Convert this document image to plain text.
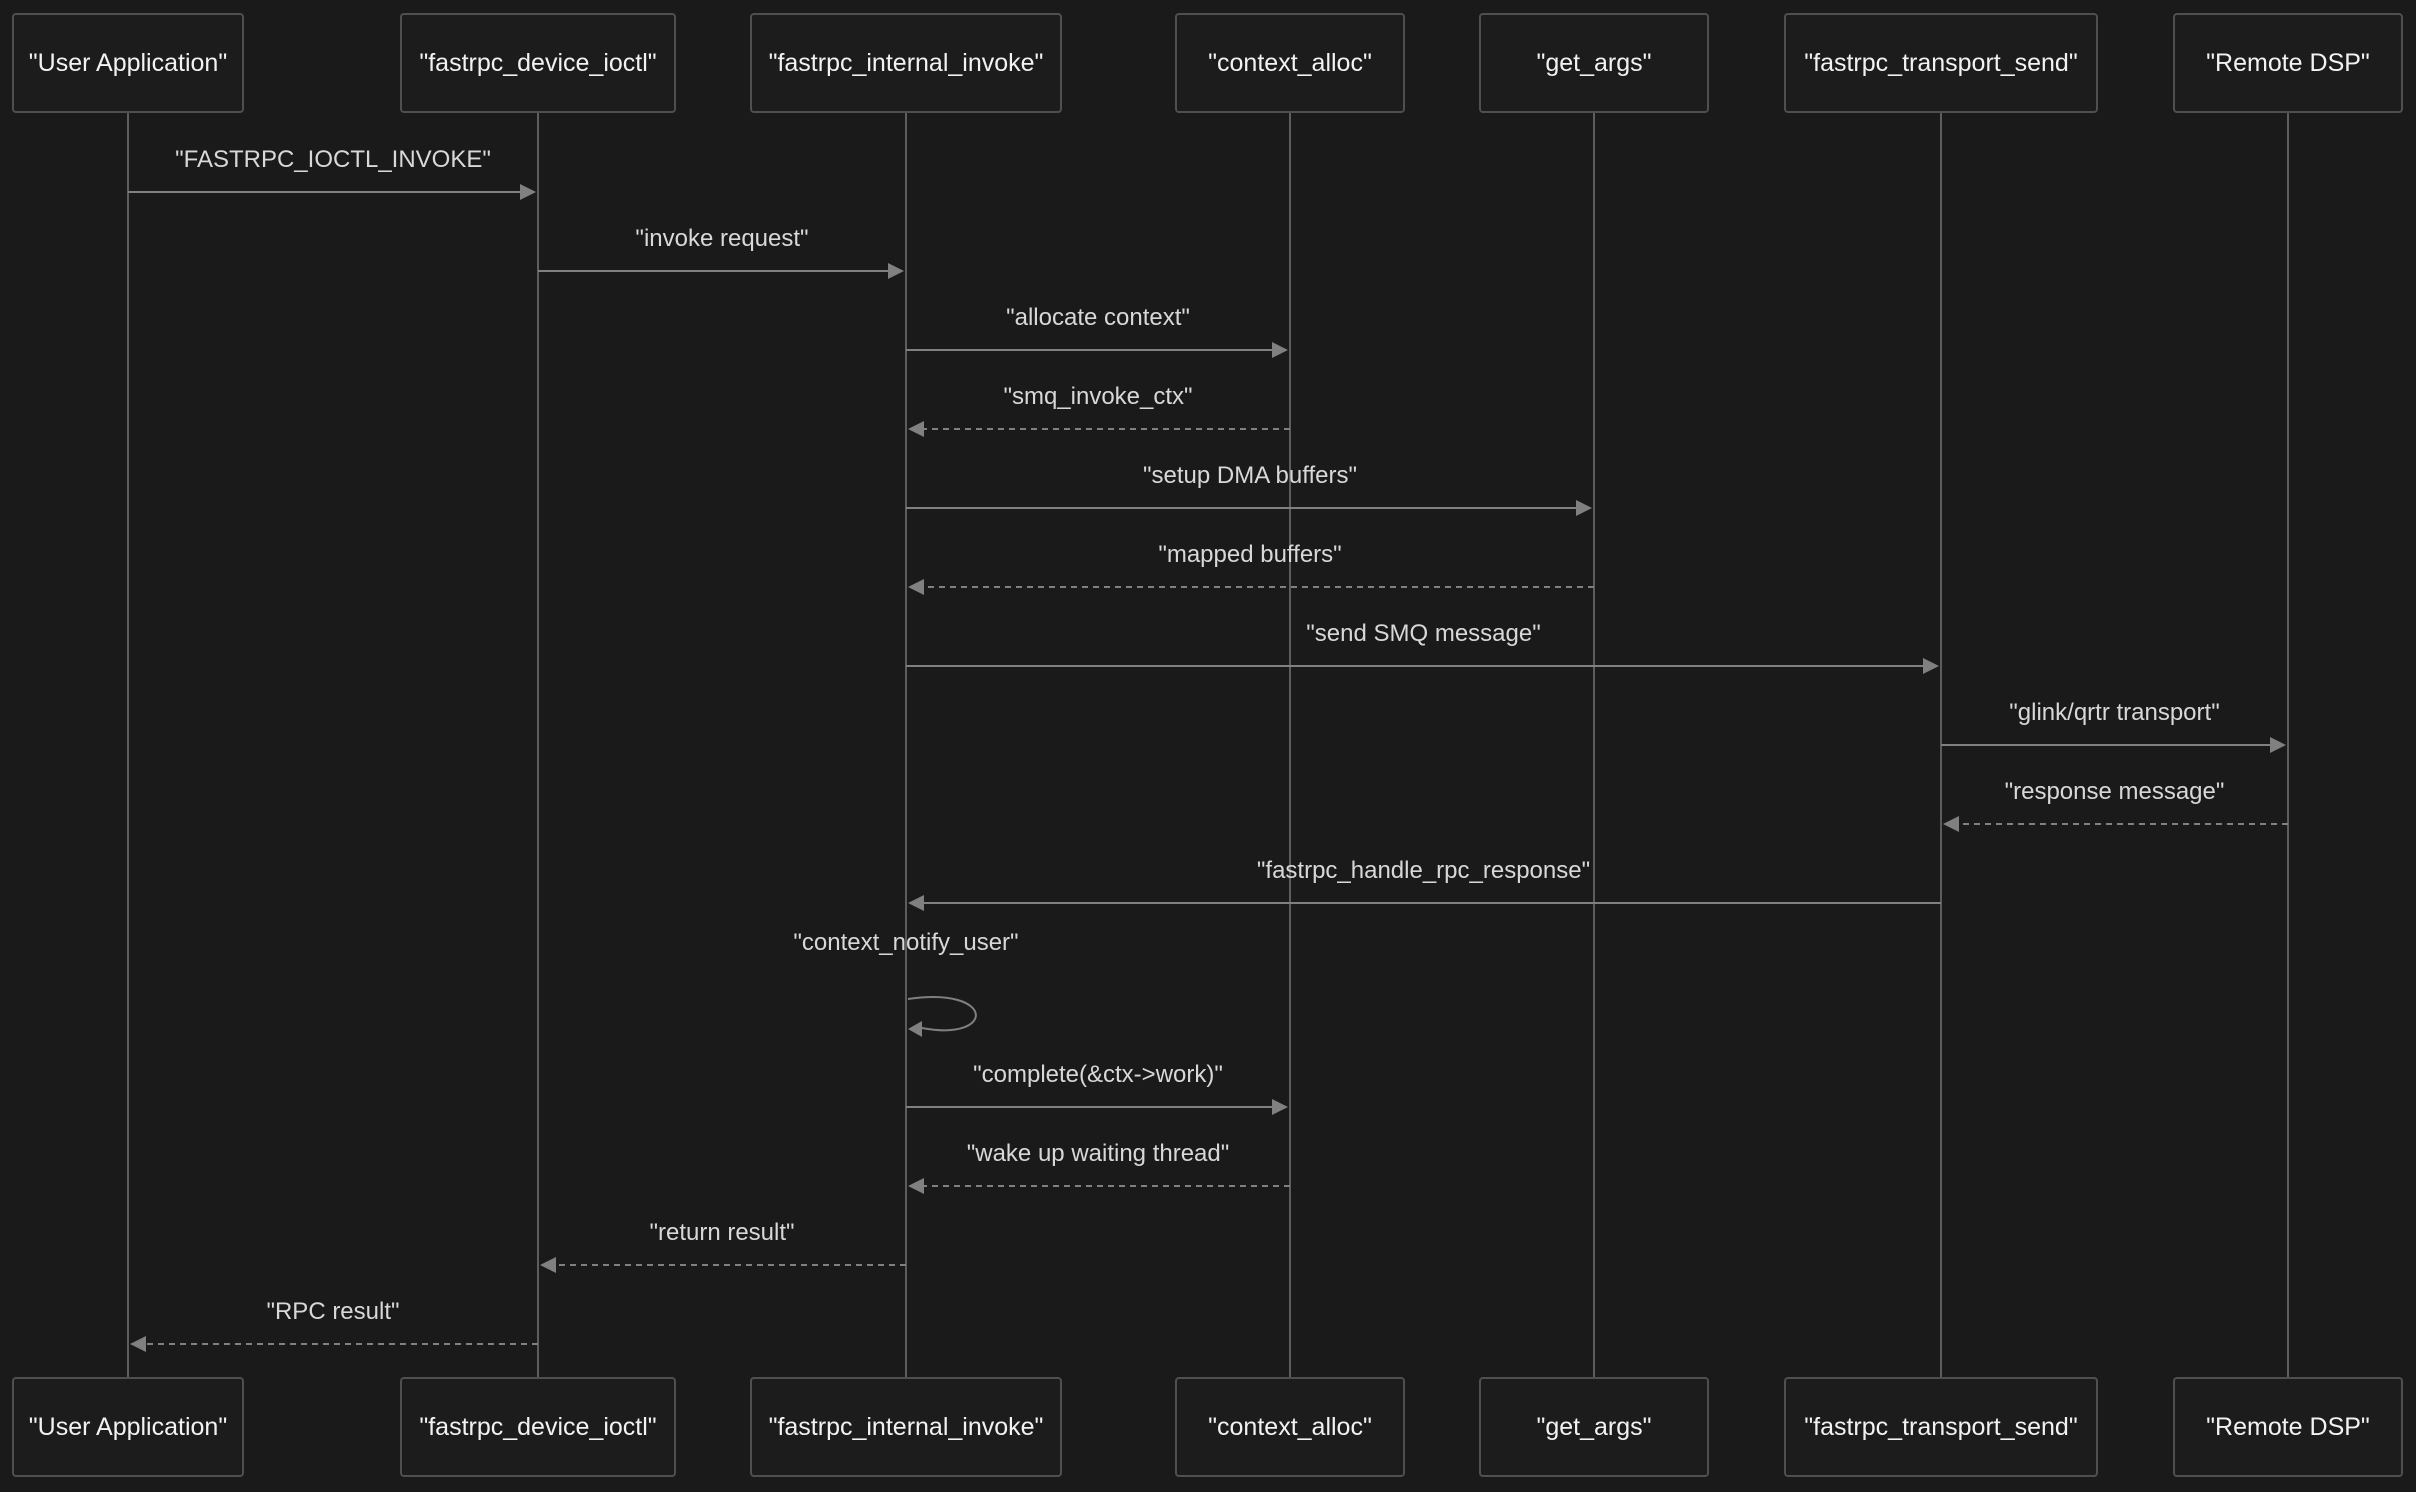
"FASTRPC_IOCTL_INVOKE"
"invoke request"
"allocate context"
"smq_invoke_ctx"
"setup DMA buffers"
"mapped buffers"
"send SMQ message"
"glink/qrtr transport"
"response message"
"fastrpc_handle_rpc_response"
"context_notify_user"
"complete(&ctx->work)"
"wake up waiting thread"
"return result"
"RPC result"
"User Application"	"fastrpc_device_ioctl"	"fastrpc_internal_invoke"	"context_alloc"	"get_args"	"fastrpc_transport_send"	"Remote DSP"
"User Application"	"fastrpc_device_ioctl"	"fastrpc_internal_invoke"	"context_alloc"	"get_args"	"fastrpc_transport_send"	"Remote DSP"
